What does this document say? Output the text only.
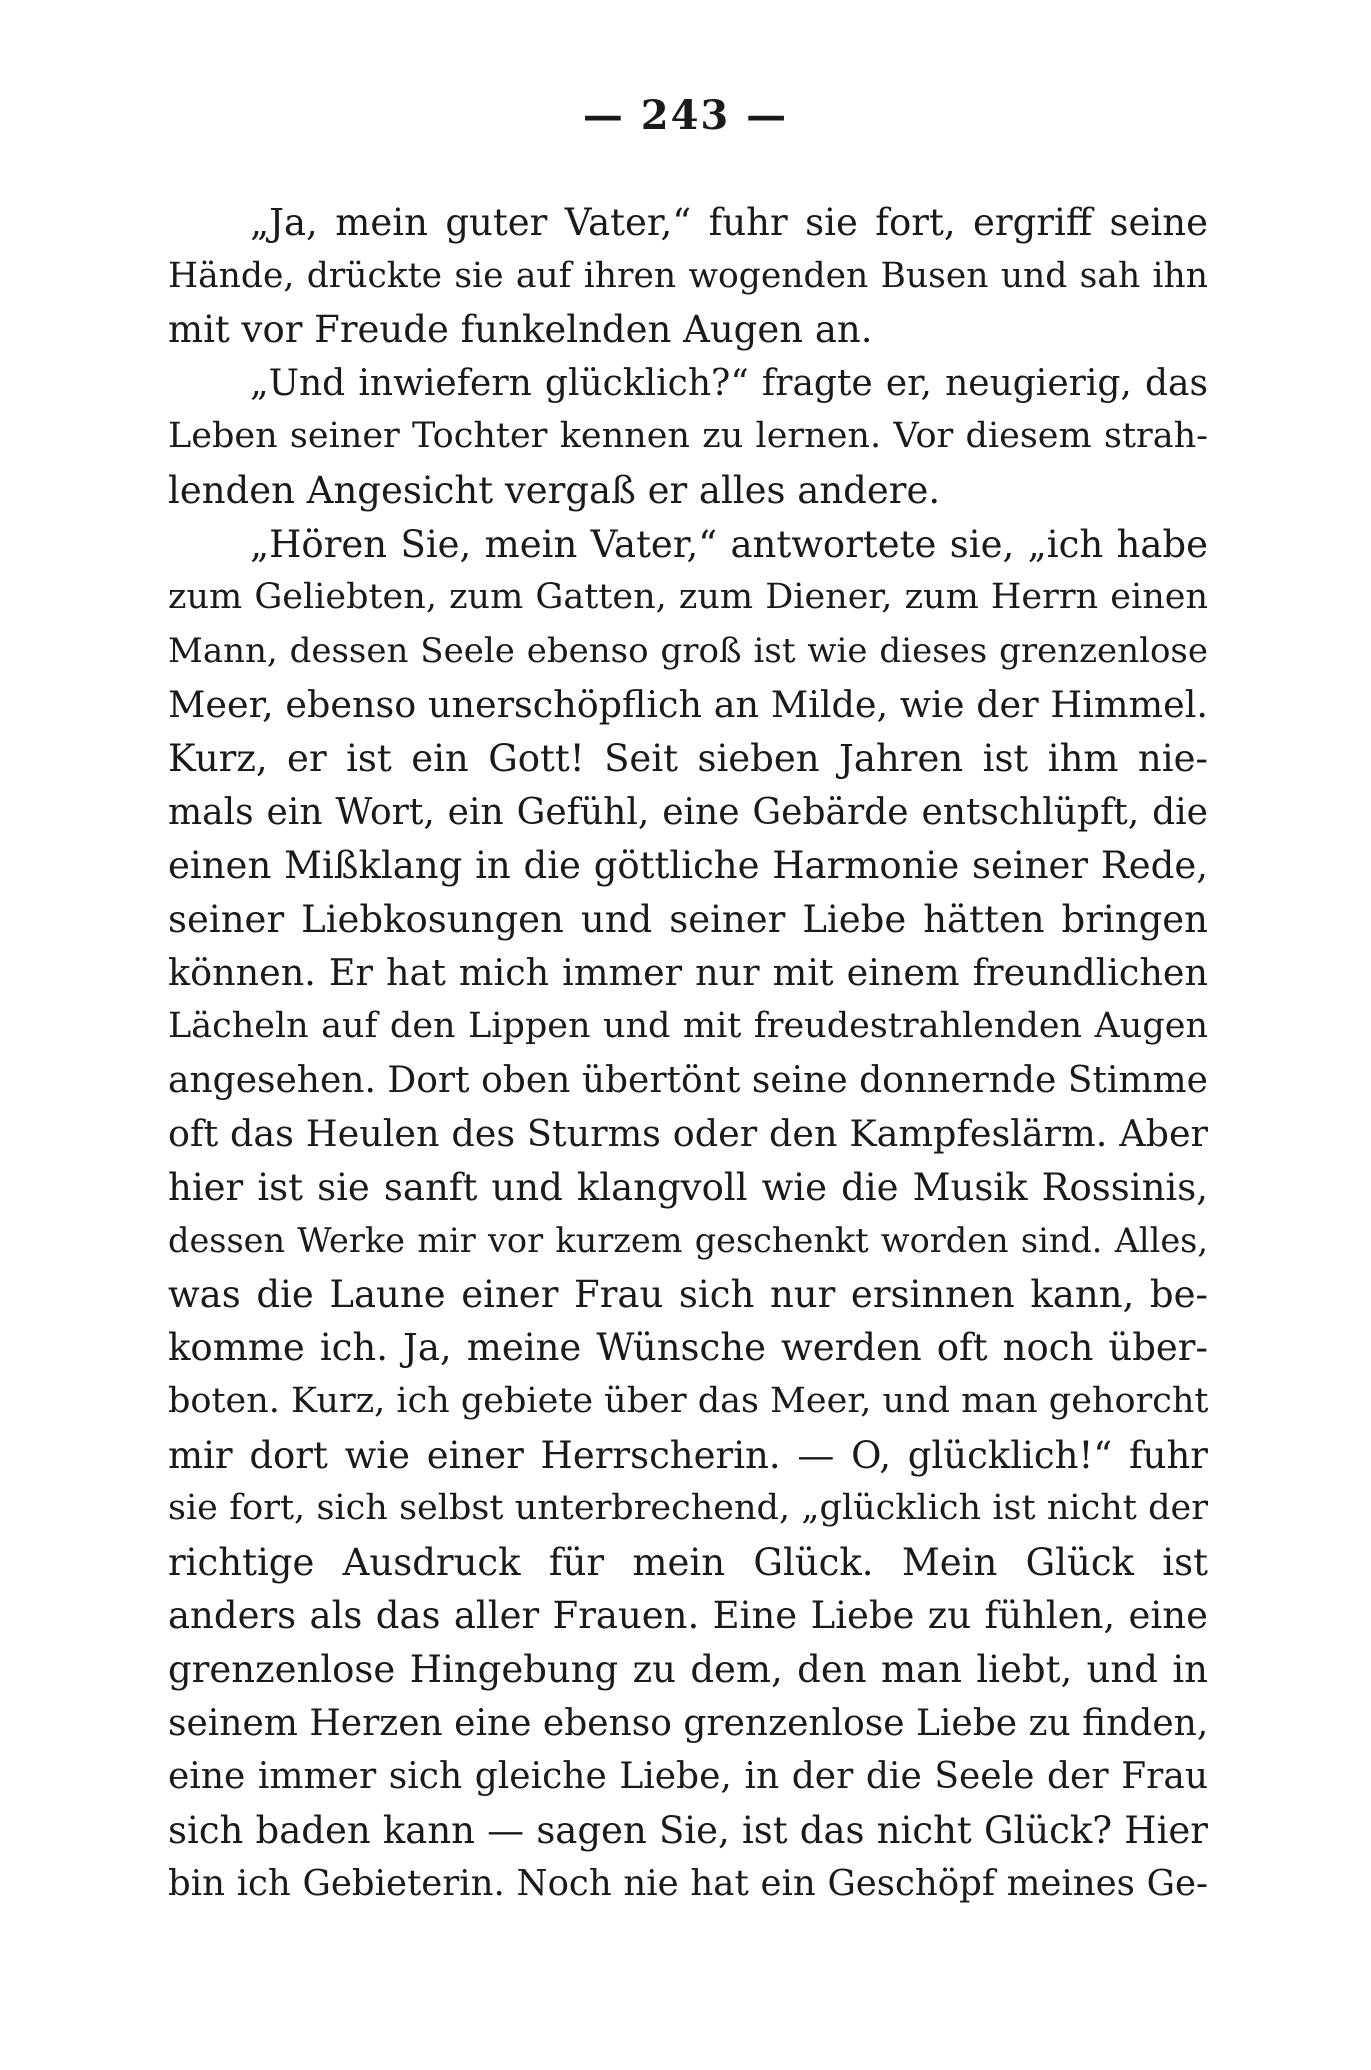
— 243 —
„Ja, mein guter Vater,“ fuhr sie fort, ergriff seine
Hände, drückte sie auf ihren wogenden Busen und sah ihn
mit vor Freude funkelnden Augen an.
„Und inwiefern glücklich?“ fragte er, neugierig, das
Leben seiner Tochter kennen zu lernen. Vor diesem strah-
lenden Angesicht vergaß er alles andere.
„Hören Sie, mein Vater,“ antwortete sie, „ich habe
zum Geliebten, zum Gatten, zum Diener, zum Herrn einen
Mann, dessen Seele ebenso groß ist wie dieses grenzenlose
Meer, ebenso unerschöpflich an Milde, wie der Himmel.
Kurz, er ist ein Gott! Seit sieben Jahren ist ihm nie-
mals ein Wort, ein Gefühl, eine Gebärde entschlüpft, die
einen Mißklang in die göttliche Harmonie seiner Rede,
seiner Liebkosungen und seiner Liebe hätten bringen
können. Er hat mich immer nur mit einem freundlichen
Lächeln auf den Lippen und mit freudestrahlenden Augen
angesehen. Dort oben übertönt seine donnernde Stimme
oft das Heulen des Sturms oder den Kampfeslärm. Aber
hier ist sie sanft und klangvoll wie die Musik Rossinis,
dessen Werke mir vor kurzem geschenkt worden sind. Alles,
was die Laune einer Frau sich nur ersinnen kann, be-
komme ich. Ja, meine Wünsche werden oft noch über-
boten. Kurz, ich gebiete über das Meer, und man gehorcht
mir dort wie einer Herrscherin. — O, glücklich!“ fuhr
sie fort, sich selbst unterbrechend, „glücklich ist nicht der
richtige Ausdruck für mein Glück. Mein Glück ist
anders als das aller Frauen. Eine Liebe zu fühlen, eine
grenzenlose Hingebung zu dem, den man liebt, und in
seinem Herzen eine ebenso grenzenlose Liebe zu finden,
eine immer sich gleiche Liebe, in der die Seele der Frau
sich baden kann — sagen Sie, ist das nicht Glück? Hier
bin ich Gebieterin. Noch nie hat ein Geschöpf meines Ge-
